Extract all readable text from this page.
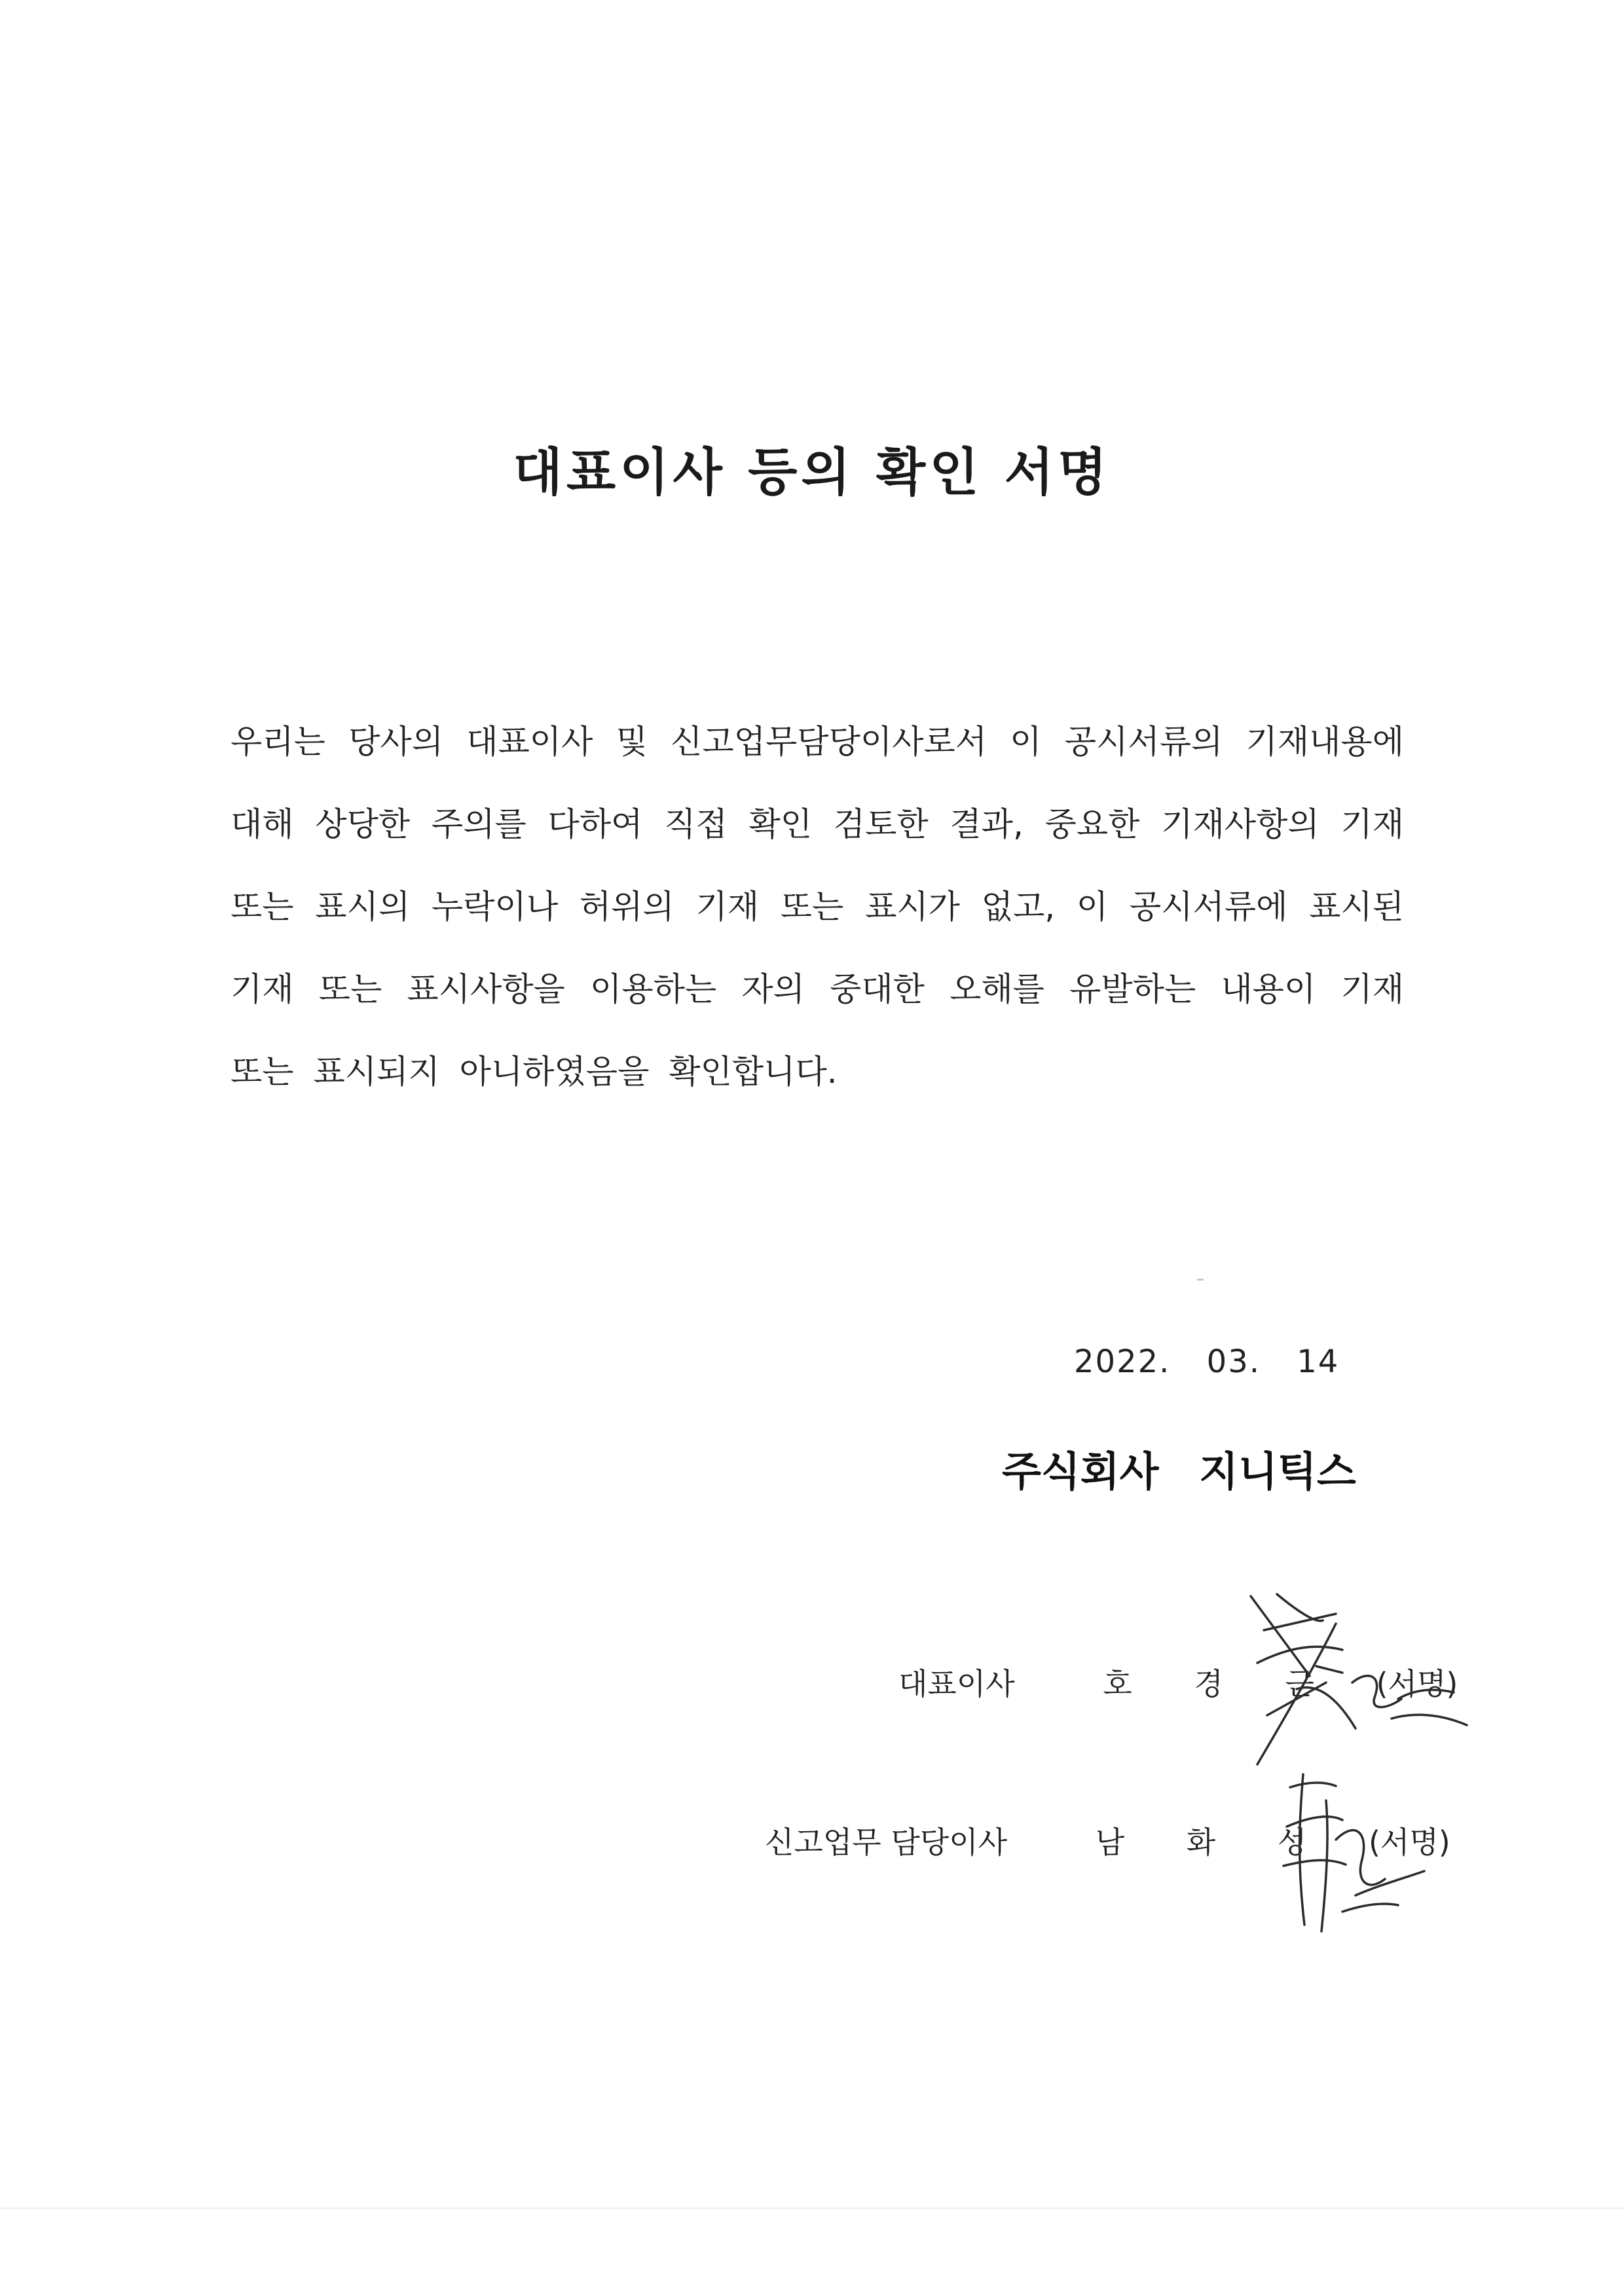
대표이사 등의 확인 서명
우리는 당사의 대표이사 및 신고업무담당이사로서 이 공시서류의 기재내용에 대해 상당한 주의를 다하여 직접 확인 검토한 결과, 중요한 기재사항의 기재 또는 표시의 누락이나 허위의 기재 또는 표시가 없고, 이 공시서류에 표시된 기재 또는 표시사항을 이용하는 자의 중대한 오해를 유발하는 내용이 기재 또는 표시되지 아니하였음을 확인합니다.
2022. 03. 14
주식회사 지니틱스
대표이사	호 경 근 (서명)
신고업무 담당이사	남 화 성 (서명)
